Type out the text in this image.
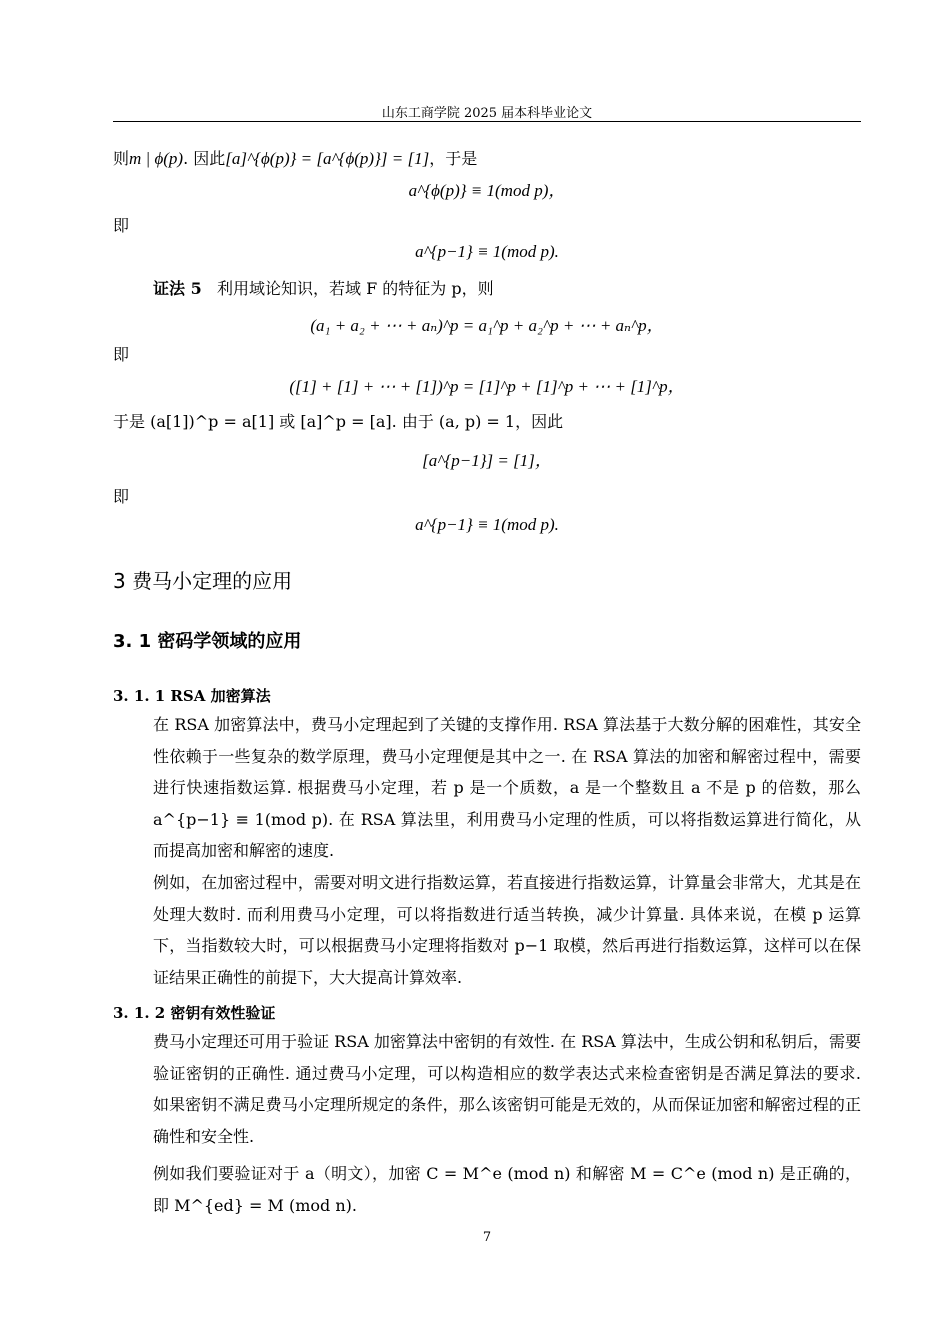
山东工商学院 2025 届本科毕业论文
则m | ϕ(p). 因此[a]^{ϕ(p)} = [a^{ϕ(p)}] = [1]，于是
a^{ϕ(p)} ≡ 1(mod p)，
即
a^{p−1} ≡ 1(mod p).
证法 5 利用域论知识，若域 F 的特征为 p，则
(a₁ + a₂ + ⋯ + aₙ)^p = a₁^p + a₂^p + ⋯ + aₙ^p，
即
([1] + [1] + ⋯ + [1])^p = [1]^p + [1]^p + ⋯ + [1]^p，
于是 (a[1])^p = a[1] 或 [a]^p = [a]. 由于 (a, p) = 1，因此
[a^{p−1}] = [1]，
即
a^{p−1} ≡ 1(mod p).
3 费马小定理的应用
3. 1 密码学领域的应用
3. 1. 1 RSA 加密算法
在 RSA 加密算法中，费马小定理起到了关键的支撑作用. RSA 算法基于大数分解的困难性，其安全性依赖于一些复杂的数学原理，费马小定理便是其中之一. 在 RSA 算法的加密和解密过程中，需要进行快速指数运算. 根据费马小定理，若 p 是一个质数，a 是一个整数且 a 不是 p 的倍数，那么 a^{p−1} ≡ 1(mod p). 在 RSA 算法里，利用费马小定理的性质，可以将指数运算进行简化，从而提高加密和解密的速度.
例如，在加密过程中，需要对明文进行指数运算，若直接进行指数运算，计算量会非常大，尤其是在处理大数时. 而利用费马小定理，可以将指数进行适当转换，减少计算量. 具体来说，在模 p 运算下，当指数较大时，可以根据费马小定理将指数对 p−1 取模，然后再进行指数运算，这样可以在保证结果正确性的前提下，大大提高计算效率.
3. 1. 2 密钥有效性验证
费马小定理还可用于验证 RSA 加密算法中密钥的有效性. 在 RSA 算法中，生成公钥和私钥后，需要验证密钥的正确性. 通过费马小定理，可以构造相应的数学表达式来检查密钥是否满足算法的要求. 如果密钥不满足费马小定理所规定的条件，那么该密钥可能是无效的，从而保证加密和解密过程的正确性和安全性.
例如我们要验证对于 a（明文），加密 C = M^e (mod n) 和解密 M = C^e (mod n) 是正确的，即 M^{ed} = M (mod n).
7
